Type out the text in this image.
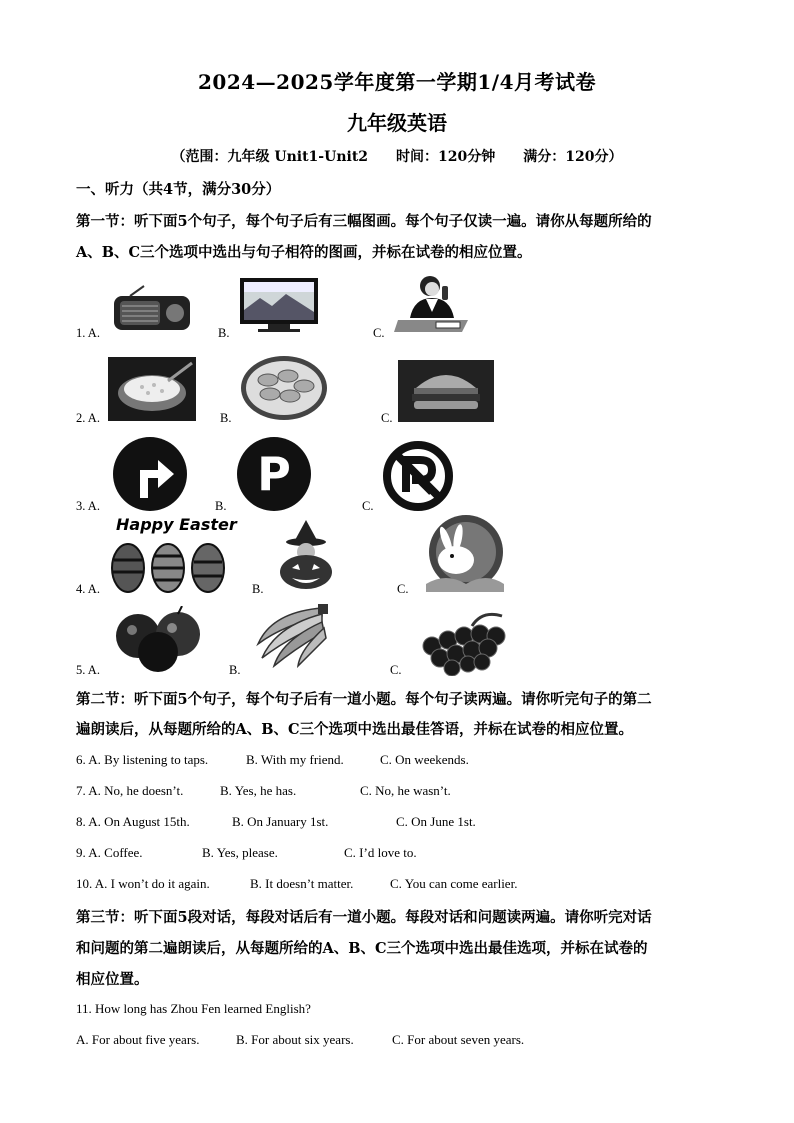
2024—2025学年度第一学期1/4月考试卷
九年级英语
（范围：九年级 Unit1-Unit2　　时间：120分钟　　满分：120分）
一、听力（共4节，满分30分）
第一节：听下面5个句子，每个句子后有三幅图画。每个句子仅读一遍。请你从每题所给的
A、B、C三个选项中选出与句子相符的图画，并标在试卷的相应位置。
1. A.	B.	C.
2. A.	B.	C.
3. A.	B.	C.
P
4. A.	B.	C.
Happy Easter
5. A.	B.	C.
第二节：听下面5个句子，每个句子后有一道小题。每个句子读两遍。请你听完句子的第二
遍朗读后，从每题所给的A、B、C三个选项中选出最佳答语，并标在试卷的相应位置。
6. A. By listening to taps.	B. With my friend.	C. On weekends.
7. A. No, he doesn’t.	B. Yes, he has.	C. No, he wasn’t.
8. A. On August 15th.	B. On January 1st.	C. On June 1st.
9. A. Coffee.	B. Yes, please.	C. I’d love to.
10. A. I won’t do it again.	B. It doesn’t matter.	C. You can come earlier.
第三节：听下面5段对话，每段对话后有一道小题。每段对话和问题读两遍。请你听完对话
和问题的第二遍朗读后，从每题所给的A、B、C三个选项中选出最佳选项，并标在试卷的
相应位置。
11. How long has Zhou Fen learned English?
A. For about five years.	B. For about six years.	C. For about seven years.
